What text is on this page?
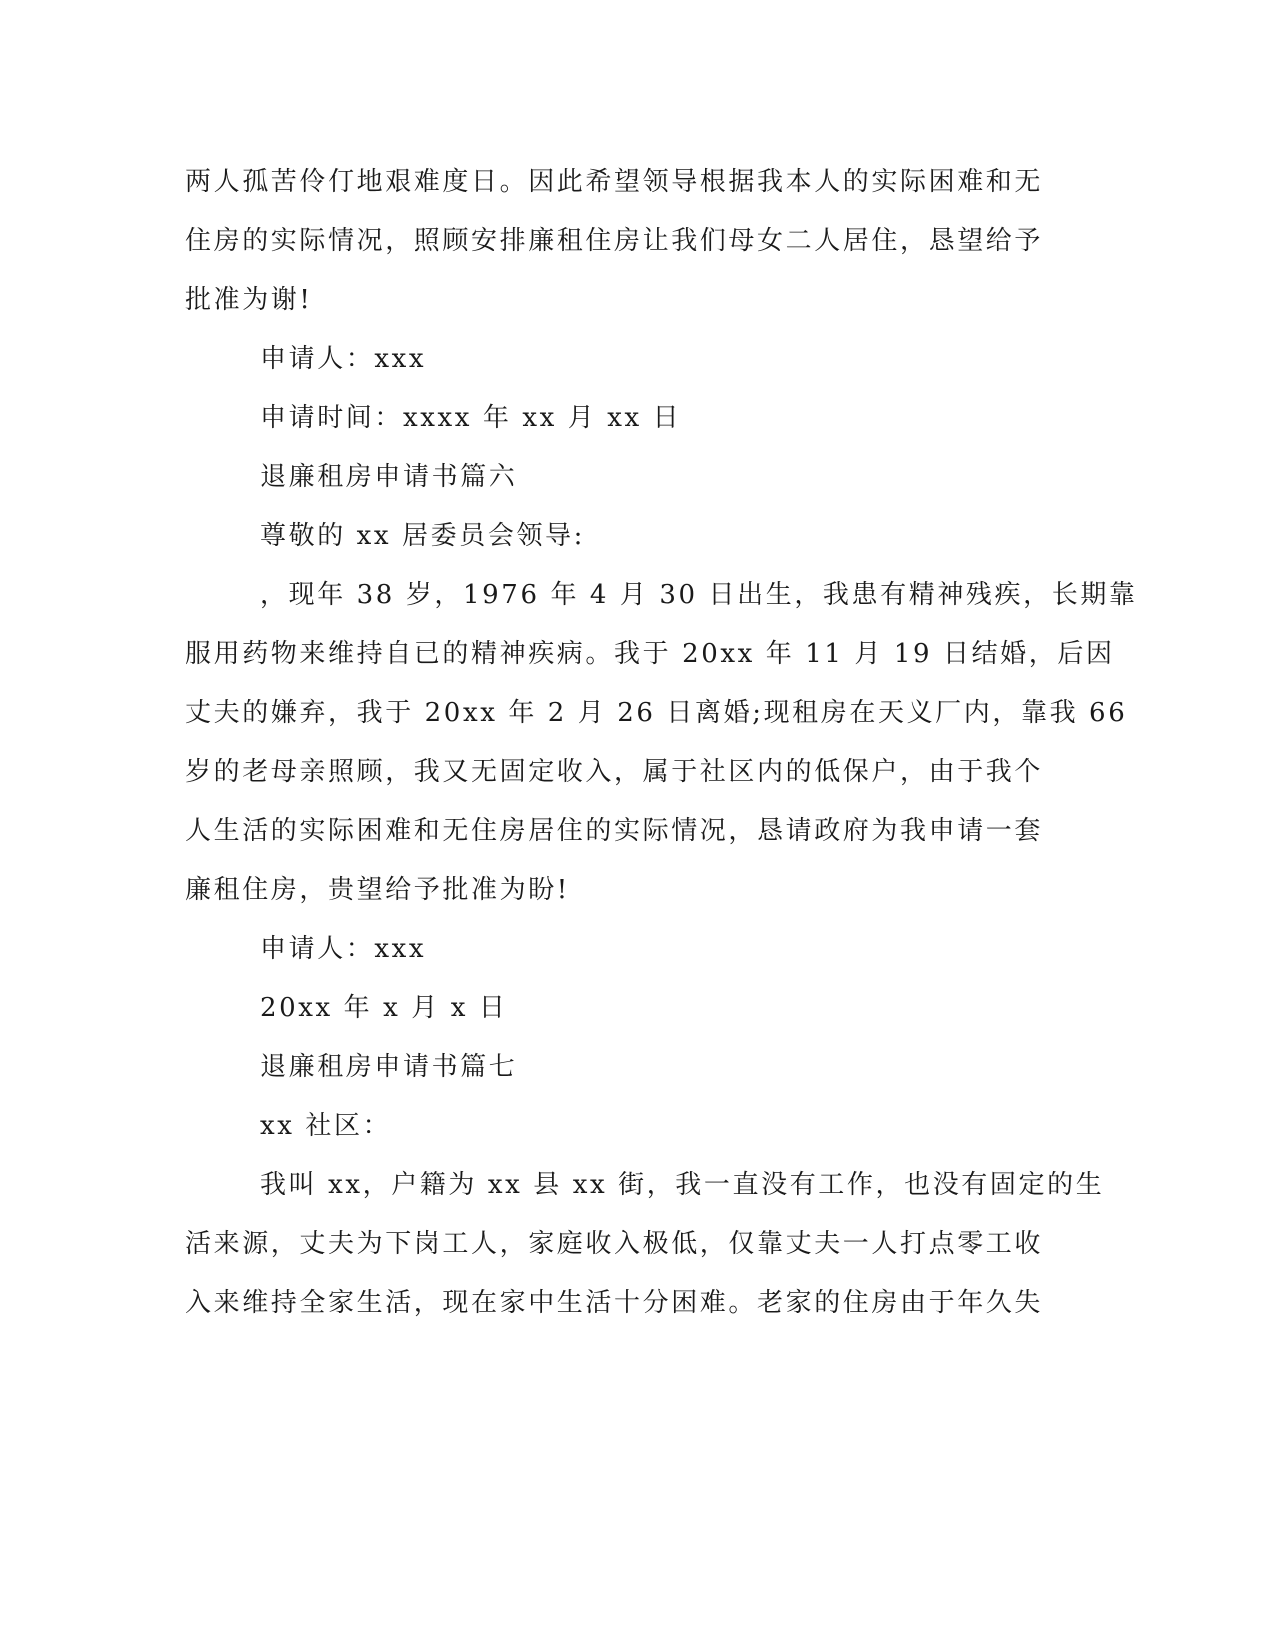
两人孤苦伶仃地艰难度日。因此希望领导根据我本人的实际困难和无

住房的实际情况，照顾安排廉租住房让我们母女二人居住，恳望给予

批准为谢!

申请人：xxx

申请时间：xxxx 年 xx 月 xx 日

退廉租房申请书篇六

尊敬的 xx 居委员会领导:

，现年 38 岁，1976 年 4 月 30 日出生，我患有精神残疾，长期靠

服用药物来维持自已的精神疾病。我于 20xx 年 11 月 19 日结婚，后因

丈夫的嫌弃，我于 20xx 年 2 月 26 日离婚;现租房在天义厂内，靠我 66

岁的老母亲照顾，我又无固定收入，属于社区内的低保户，由于我个

人生活的实际困难和无住房居住的实际情况，恳请政府为我申请一套

廉租住房，贵望给予批准为盼!

申请人：xxx

20xx 年 x 月 x 日

退廉租房申请书篇七

xx 社区：

我叫 xx，户籍为 xx 县 xx 街，我一直没有工作，也没有固定的生

活来源，丈夫为下岗工人，家庭收入极低，仅靠丈夫一人打点零工收

入来维持全家生活，现在家中生活十分困难。老家的住房由于年久失
